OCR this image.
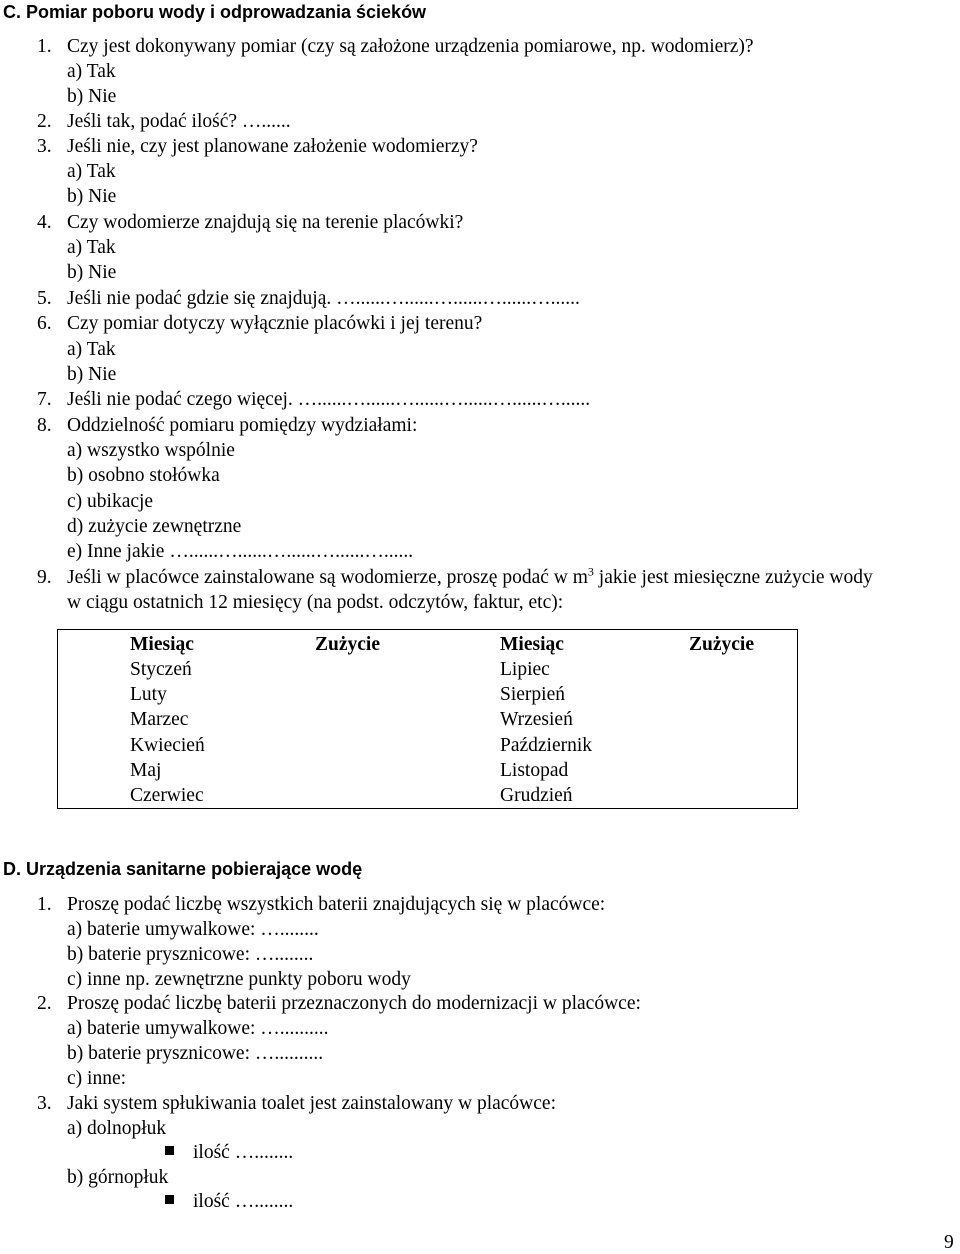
C. Pomiar poboru wody i odprowadzania ścieków
1. Czy jest dokonywany pomiar (czy są założone urządzenia pomiarowe, np. wodomierz)?
a) Tak
b) Nie
2. Jeśli tak, podać ilość? …......
3. Jeśli nie, czy jest planowane założenie wodomierzy?
a) Tak
b) Nie
4. Czy wodomierze znajdują się na terenie placówki?
a) Tak
b) Nie
5. Jeśli nie podać gdzie się znajdują. …......…......…......…......…......
6. Czy pomiar dotyczy wyłącznie placówki i jej terenu?
a) Tak
b) Nie
7. Jeśli nie podać czego więcej. …......…......…......…......…......…......
8. Oddzielność pomiaru pomiędzy wydziałami:
a) wszystko wspólnie
b) osobno stołówka
c) ubikacje
d) zużycie zewnętrzne
e) Inne jakie …......…......…......…......…......
9. Jeśli w placówce zainstalowane są wodomierze, proszę podać w $m^3$ jakie jest miesięczne zużycie wody
w ciągu ostatnich 12 miesięcy (na podst. odczytów, faktur, etc):
Miesiąc	Zużycie	Miesiąc	Zużycie
Styczeń		Lipiec	
Luty		Sierpień	
Marzec		Wrzesień	
Kwiecień		Październik	
Maj		Listopad	
Czerwiec		Grudzień	
D. Urządzenia sanitarne pobierające wodę
1. Proszę podać liczbę wszystkich baterii znajdujących się w placówce:
a) baterie umywalkowe: …........
b) baterie prysznicowe: …........
c) inne np. zewnętrzne punkty poboru wody
2. Proszę podać liczbę baterii przeznaczonych do modernizacji w placówce:
a) baterie umywalkowe: …..........
b) baterie prysznicowe: …..........
c) inne:
3. Jaki system spłukiwania toalet jest zainstalowany w placówce:
a) dolnopłuk
ilość …........
b) górnopłuk
ilość …........
9
